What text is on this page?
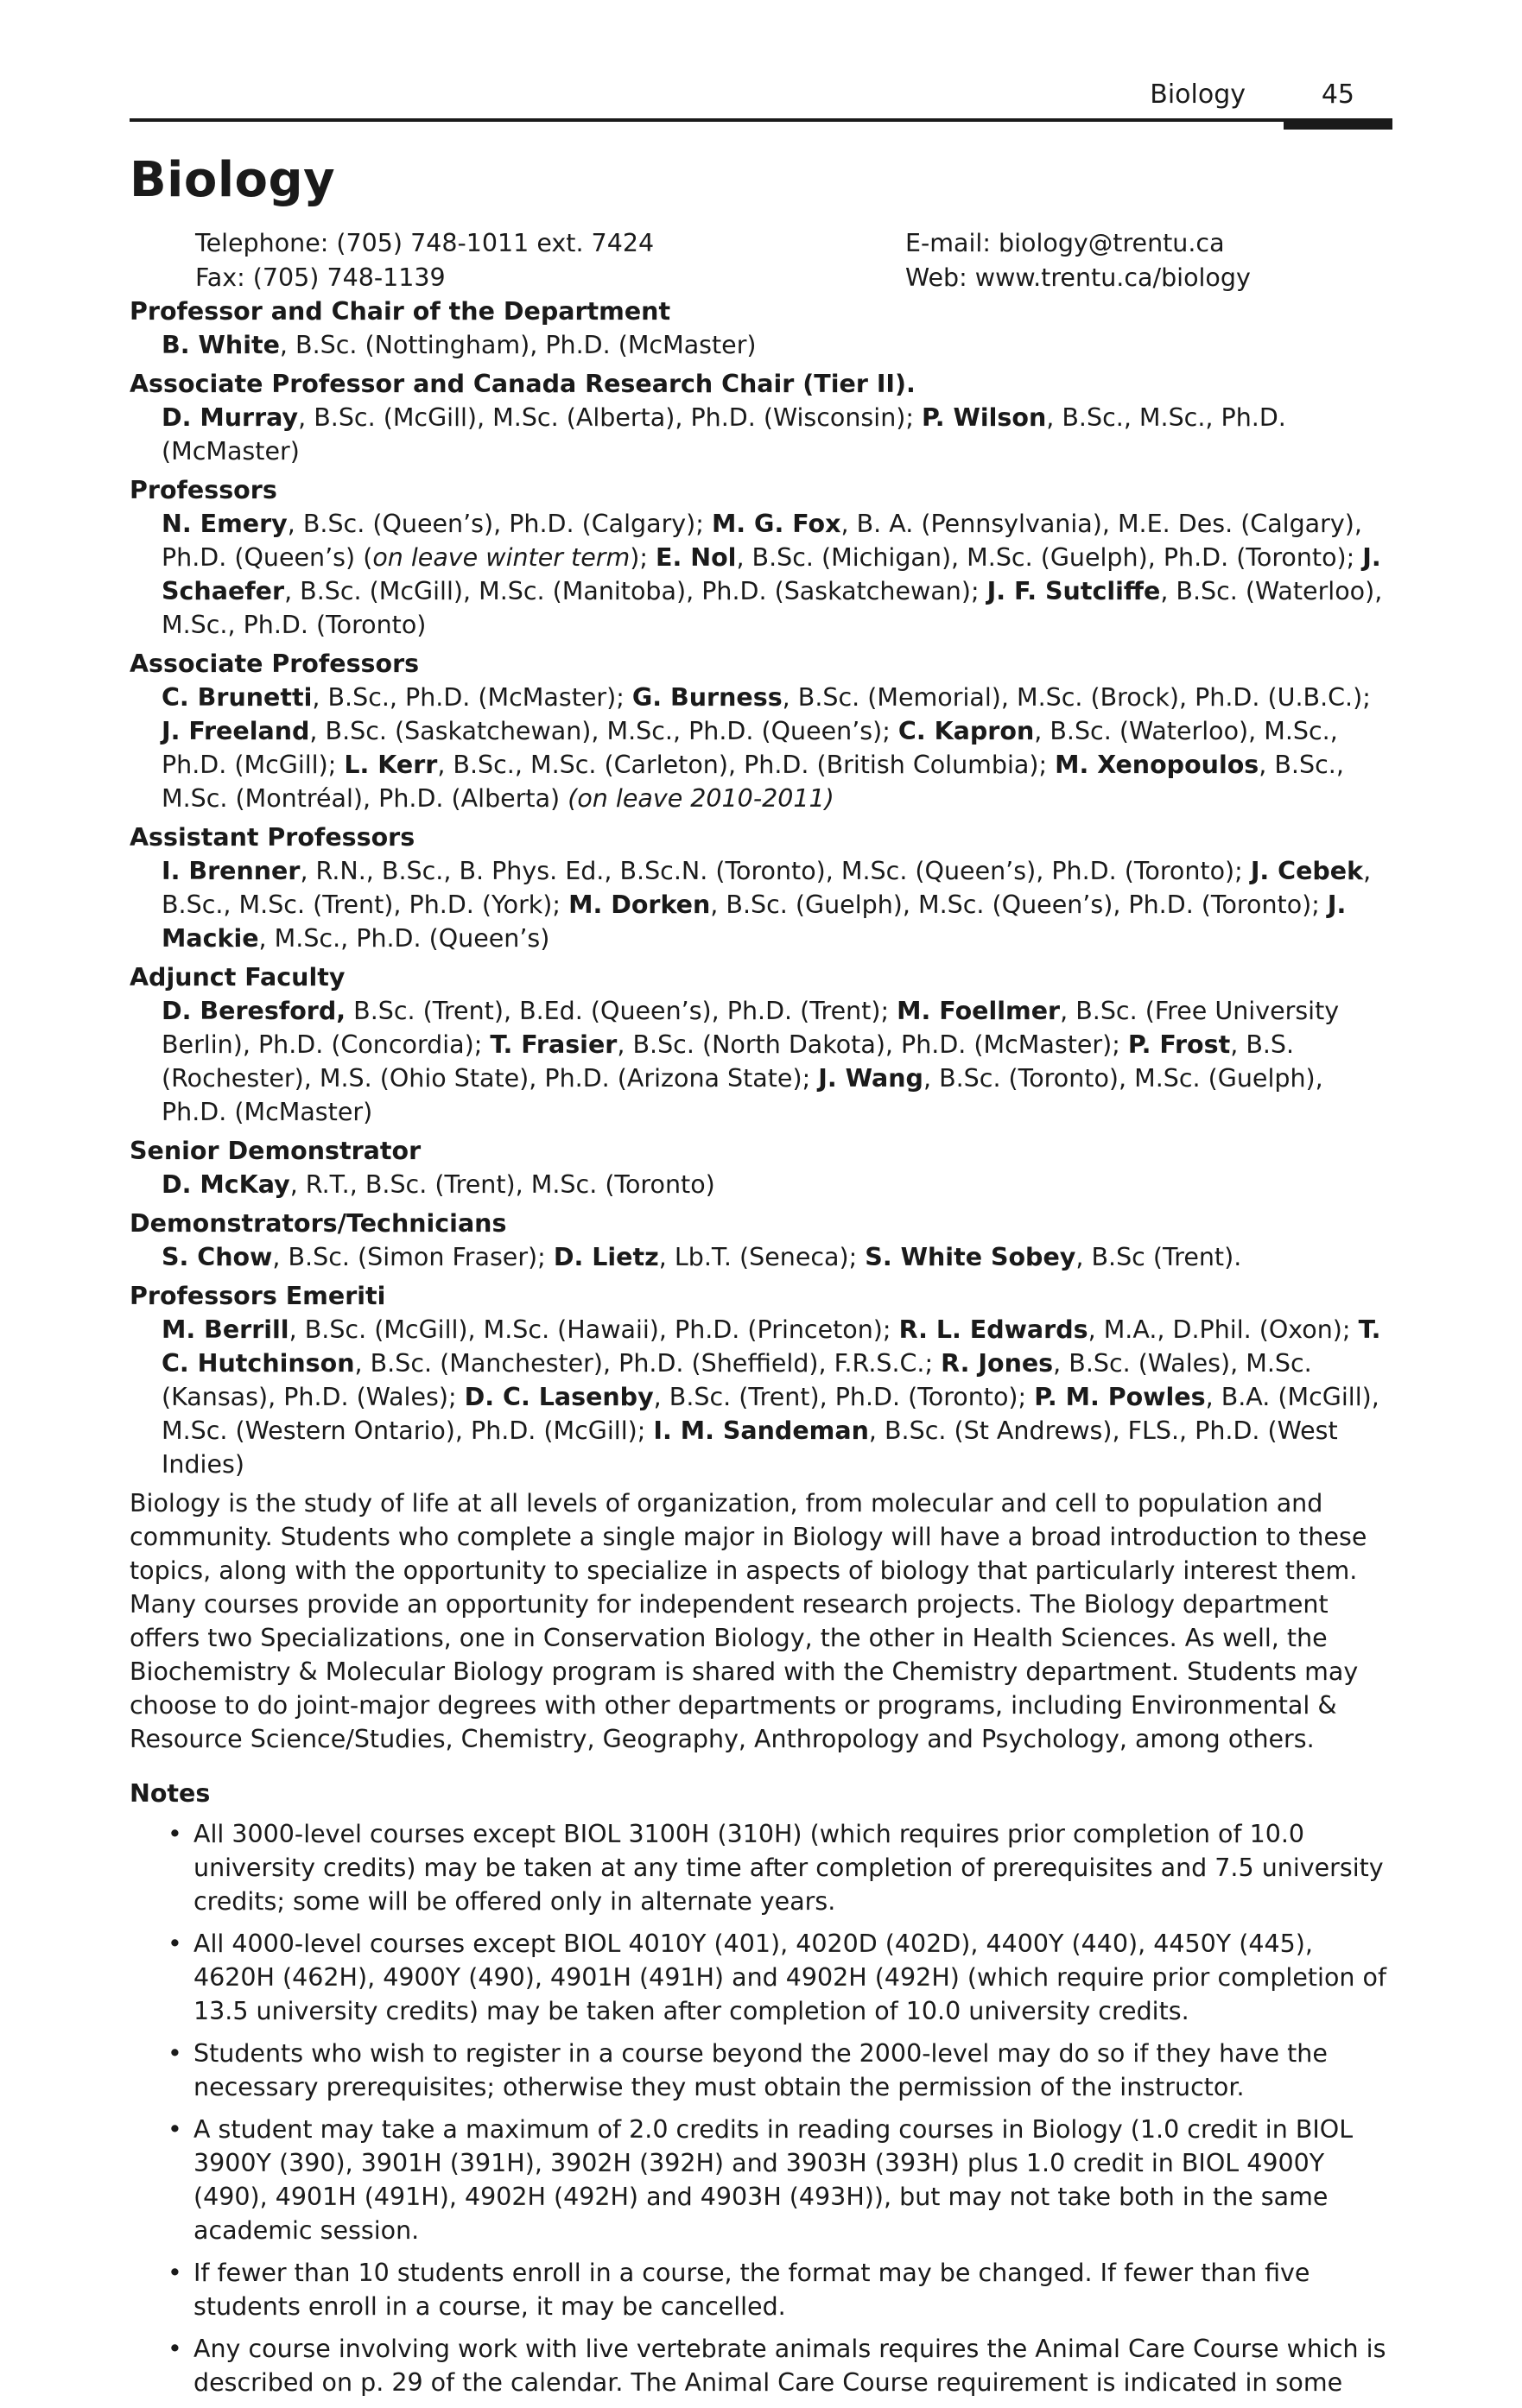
Biology	45
Biology
Telephone: (705) 748-1011 ext. 7424
Fax: (705) 748-1139
E-mail: biology@trentu.ca
Web: www.trentu.ca/biology
Professor and Chair of the Department
B. White, B.Sc. (Nottingham), Ph.D. (McMaster)
Associate Professor and Canada Research Chair (Tier II).
D. Murray, B.Sc. (McGill), M.Sc. (Alberta), Ph.D. (Wisconsin); P. Wilson, B.Sc., M.Sc., Ph.D. (McMaster)
Professors
N. Emery, B.Sc. (Queen’s), Ph.D. (Calgary); M. G. Fox, B. A. (Pennsylvania), M.E. Des. (Calgary), Ph.D. (Queen’s) (on leave winter term); E. Nol, B.Sc. (Michigan), M.Sc. (Guelph), Ph.D. (Toronto); J. Schaefer, B.Sc. (McGill), M.Sc. (Manitoba), Ph.D. (Saskatchewan); J. F. Sutcliffe, B.Sc. (Waterloo), M.Sc., Ph.D. (Toronto)
Associate Professors
C. Brunetti, B.Sc., Ph.D. (McMaster); G. Burness, B.Sc. (Memorial), M.Sc. (Brock), Ph.D. (U.B.C.); J. Freeland, B.Sc. (Saskatchewan), M.Sc., Ph.D. (Queen’s); C. Kapron, B.Sc. (Waterloo), M.Sc., Ph.D. (McGill); L. Kerr, B.Sc., M.Sc. (Carleton), Ph.D. (British Columbia); M. Xenopoulos, B.Sc., M.Sc. (Montréal), Ph.D. (Alberta) (on leave 2010-2011)
Assistant Professors
I. Brenner, R.N., B.Sc., B. Phys. Ed., B.Sc.N. (Toronto), M.Sc. (Queen’s), Ph.D. (Toronto); J. Cebek, B.Sc., M.Sc. (Trent), Ph.D. (York); M. Dorken, B.Sc. (Guelph), M.Sc. (Queen’s), Ph.D. (Toronto); J. Mackie, M.Sc., Ph.D. (Queen’s)
Adjunct Faculty
D. Beresford, B.Sc. (Trent), B.Ed. (Queen’s), Ph.D. (Trent); M. Foellmer, B.Sc. (Free University Berlin), Ph.D. (Concordia); T. Frasier, B.Sc. (North Dakota), Ph.D. (McMaster); P. Frost, B.S. (Rochester), M.S. (Ohio State), Ph.D. (Arizona State); J. Wang, B.Sc. (Toronto), M.Sc. (Guelph), Ph.D. (McMaster)
Senior Demonstrator
D. McKay, R.T., B.Sc. (Trent), M.Sc. (Toronto)
Demonstrators/Technicians
S. Chow, B.Sc. (Simon Fraser); D. Lietz, Lb.T. (Seneca); S. White Sobey, B.Sc (Trent).
Professors Emeriti
M. Berrill, B.Sc. (McGill), M.Sc. (Hawaii), Ph.D. (Princeton); R. L. Edwards, M.A., D.Phil. (Oxon); T. C. Hutchinson, B.Sc. (Manchester), Ph.D. (Sheffield), F.R.S.C.; R. Jones, B.Sc. (Wales), M.Sc. (Kansas), Ph.D. (Wales); D. C. Lasenby, B.Sc. (Trent), Ph.D. (Toronto); P. M. Powles, B.A. (McGill), M.Sc. (Western Ontario), Ph.D. (McGill); I. M. Sandeman, B.Sc. (St Andrews), FLS., Ph.D. (West Indies)

Biology is the study of life at all levels of organization, from molecular and cell to population and community. Students who complete a single major in Biology will have a broad introduction to these topics, along with the opportunity to specialize in aspects of biology that particularly interest them. Many courses provide an opportunity for independent research projects. The Biology department offers two Specializations, one in Conservation Biology, the other in Health Sciences. As well, the Biochemistry & Molecular Biology program is shared with the Chemistry department. Students may choose to do joint-major degrees with other departments or programs, including Environmental & Resource Science/Studies, Chemistry, Geography, Anthropology and Psychology, among others.

Notes
• All 3000-level courses except BIOL 3100H (310H) (which requires prior completion of 10.0 university credits) may be taken at any time after completion of prerequisites and 7.5 university credits; some will be offered only in alternate years.
• All 4000-level courses except BIOL 4010Y (401), 4020D (402D), 4400Y (440), 4450Y (445), 4620H (462H), 4900Y (490), 4901H (491H) and 4902H (492H) (which require prior completion of 13.5 university credits) may be taken after completion of 10.0 university credits.
• Students who wish to register in a course beyond the 2000-level may do so if they have the necessary prerequisites; otherwise they must obtain the permission of the instructor.
• A student may take a maximum of 2.0 credits in reading courses in Biology (1.0 credit in BIOL 3900Y (390), 3901H (391H), 3902H (392H) and 3903H (393H) plus 1.0 credit in BIOL 4900Y (490), 4901H (491H), 4902H (492H) and 4903H (493H)), but may not take both in the same academic session.
• If fewer than 10 students enroll in a course, the format may be changed. If fewer than five students enroll in a course, it may be cancelled.
• Any course involving work with live vertebrate animals requires the Animal Care Course which is described on p. 29 of the calendar. The Animal Care Course requirement is indicated in some
